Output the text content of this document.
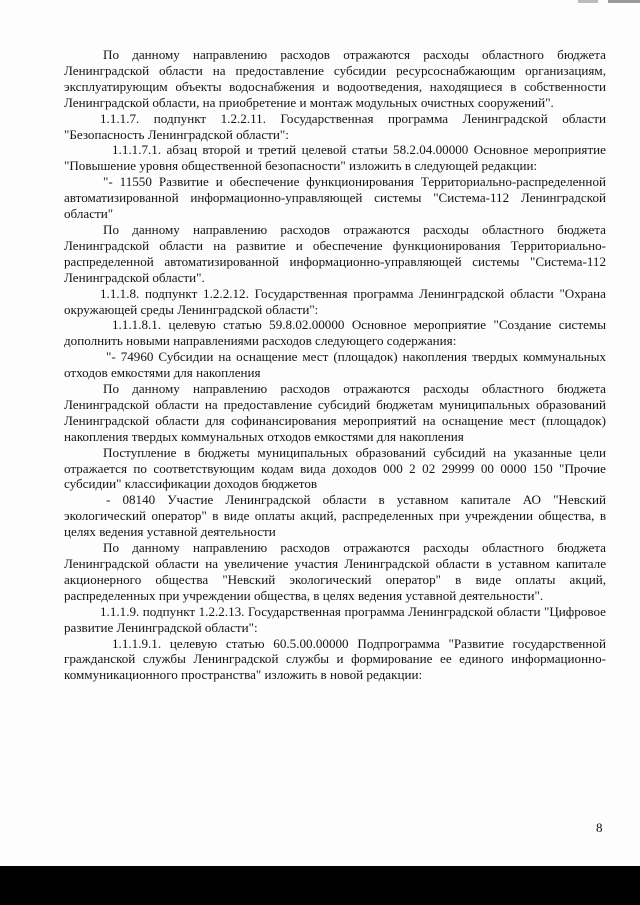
По данному направлению расходов отражаются расходы областного бюджета Ленинградской области на предоставление субсидии ресурсоснабжающим организациям, эксплуатирующим объекты водоснабжения и водоотведения, находящиеся в собственности Ленинградской области, на приобретение и монтаж модульных очистных сооружений".

1.1.1.7. подпункт 1.2.2.11. Государственная программа Ленинградской области "Безопасность Ленинградской области":

1.1.1.7.1. абзац второй и третий целевой статьи 58.2.04.00000 Основное мероприятие "Повышение уровня общественной безопасности" изложить в следующей редакции:

"- 11550 Развитие и обеспечение функционирования Территориально-распределенной автоматизированной информационно-управляющей системы "Система-112 Ленинградской области"

По данному направлению расходов отражаются расходы областного бюджета Ленинградской области на развитие и обеспечение функционирования Территориально-распределенной автоматизированной информационно-управляющей системы "Система-112 Ленинградской области".

1.1.1.8. подпункт 1.2.2.12. Государственная программа Ленинградской области "Охрана окружающей среды Ленинградской области":

1.1.1.8.1. целевую статью 59.8.02.00000 Основное мероприятие "Создание системы дополнить новыми направлениями расходов следующего содержания:

"- 74960 Субсидии на оснащение мест (площадок) накопления твердых коммунальных отходов емкостями для накопления

По данному направлению расходов отражаются расходы областного бюджета Ленинградской области на предоставление субсидий бюджетам муниципальных образований Ленинградской области для софинансирования мероприятий на оснащение мест (площадок) накопления твердых коммунальных отходов емкостями для накопления

Поступление в бюджеты муниципальных образований субсидий на указанные цели отражается по соответствующим кодам вида доходов 000 2 02 29999 00 0000 150 "Прочие субсидии" классификации доходов бюджетов

- 08140 Участие Ленинградской области в уставном капитале АО "Невский экологический оператор" в виде оплаты акций, распределенных при учреждении общества, в целях ведения уставной деятельности

По данному направлению расходов отражаются расходы областного бюджета Ленинградской области на увеличение участия Ленинградской области в уставном капитале акционерного общества "Невский экологический оператор" в виде оплаты акций, распределенных при учреждении общества, в целях ведения уставной деятельности".

1.1.1.9. подпункт 1.2.2.13. Государственная программа Ленинградской области "Цифровое развитие Ленинградской области":

1.1.1.9.1. целевую статью 60.5.00.00000 Подпрограмма "Развитие государственной гражданской службы Ленинградской службы и формирование ее единого информационно-коммуникационного пространства" изложить в новой редакции:

8
